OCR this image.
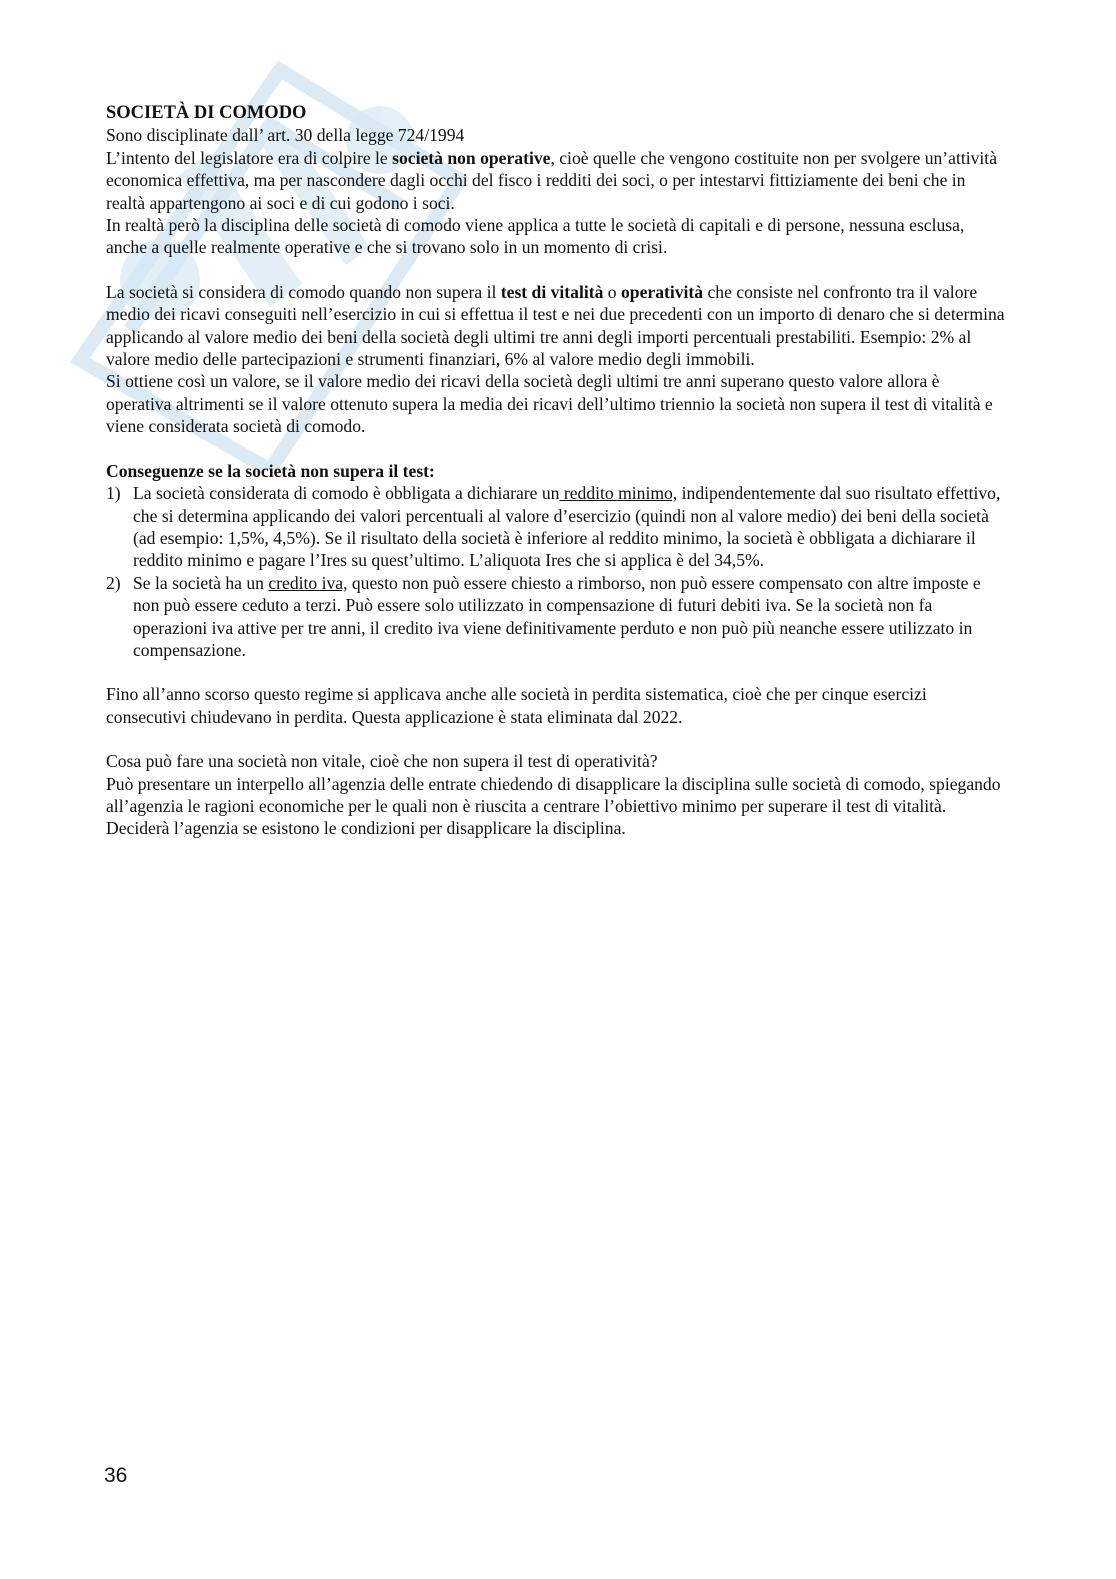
SOCIETÀ DI COMODO

Sono disciplinate dall’ art. 30 della legge 724/1994
L’intento del legislatore era di colpire le società non operative, cioè quelle che vengono costituite non per svolgere un’attività economica effettiva, ma per nascondere dagli occhi del fisco i redditi dei soci, o per intestarvi fittiziamente dei beni che in realtà appartengono ai soci e di cui godono i soci.
In realtà però la disciplina delle società di comodo viene applica a tutte le società di capitali e di persone, nessuna esclusa, anche a quelle realmente operative e che si trovano solo in un momento di crisi.

La società si considera di comodo quando non supera il test di vitalità o operatività che consiste nel confronto tra il valore medio dei ricavi conseguiti nell’esercizio in cui si effettua il test e nei due precedenti con un importo di denaro che si determina applicando al valore medio dei beni della società degli ultimi tre anni degli importi percentuali prestabiliti. Esempio: 2% al valore medio delle partecipazioni e strumenti finanziari, 6% al valore medio degli immobili.
Si ottiene così un valore, se il valore medio dei ricavi della società degli ultimi tre anni superano questo valore allora è operativa altrimenti se il valore ottenuto supera la media dei ricavi dell’ultimo triennio la società non supera il test di vitalità e viene considerata società di comodo.

Conseguenze se la società non supera il test:

1) La società considerata di comodo è obbligata a dichiarare un reddito minimo, indipendentemente dal suo risultato effettivo, che si determina applicando dei valori percentuali al valore d’esercizio (quindi non al valore medio) dei beni della società (ad esempio: 1,5%, 4,5%). Se il risultato della società è inferiore al reddito minimo, la società è obbligata a dichiarare il reddito minimo e pagare l’Ires su quest’ultimo. L’aliquota Ires che si applica è del 34,5%.
2) Se la società ha un credito iva, questo non può essere chiesto a rimborso, non può essere compensato con altre imposte e non può essere ceduto a terzi. Può essere solo utilizzato in compensazione di futuri debiti iva. Se la società non fa operazioni iva attive per tre anni, il credito iva viene definitivamente perduto e non può più neanche essere utilizzato in compensazione.

Fino all’anno scorso questo regime si applicava anche alle società in perdita sistematica, cioè che per cinque esercizi consecutivi chiudevano in perdita. Questa applicazione è stata eliminata dal 2022.

Cosa può fare una società non vitale, cioè che non supera il test di operatività?
Può presentare un interpello all’agenzia delle entrate chiedendo di disapplicare la disciplina sulle società di comodo, spiegando all’agenzia le ragioni economiche per le quali non è riuscita a centrare l’obiettivo minimo per superare il test di vitalità. Deciderà l’agenzia se esistono le condizioni per disapplicare la disciplina.

36
